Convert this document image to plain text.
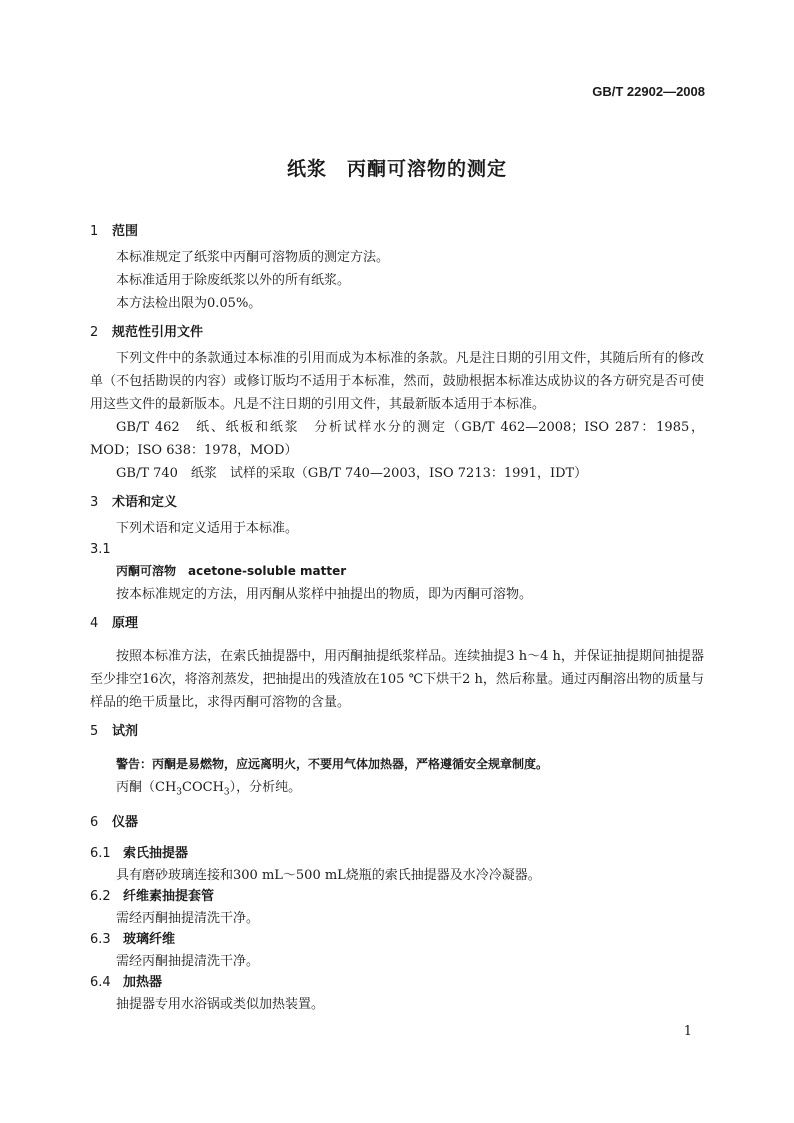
GB/T 22902—2008
纸浆　丙酮可溶物的测定
1 范围

本标准规定了纸浆中丙酮可溶物质的测定方法。

本标准适用于除废纸浆以外的所有纸浆。

本方法检出限为0.05%。

2 规范性引用文件

下列文件中的条款通过本标准的引用而成为本标准的条款。凡是注日期的引用文件，其随后所有的修改单（不包括勘误的内容）或修订版均不适用于本标准，然而，鼓励根据本标准达成协议的各方研究是否可使用这些文件的最新版本。凡是不注日期的引用文件，其最新版本适用于本标准。

GB/T 462　纸、纸板和纸浆　分析试样水分的测定（GB/T 462—2008；ISO 287：1985，MOD；ISO 638：1978，MOD）

GB/T 740　纸浆　试样的采取（GB/T 740—2003，ISO 7213：1991，IDT）

3 术语和定义

下列术语和定义适用于本标准。

3.1

丙酮可溶物　acetone-soluble matter

按本标准规定的方法，用丙酮从浆样中抽提出的物质，即为丙酮可溶物。

4 原理

按照本标准方法，在索氏抽提器中，用丙酮抽提纸浆样品。连续抽提3 h～4 h，并保证抽提期间抽提器至少排空16次，将溶剂蒸发，把抽提出的残渣放在105 ℃下烘干2 h，然后称量。通过丙酮溶出物的质量与样品的绝干质量比，求得丙酮可溶物的含量。

5 试剂

警告：丙酮是易燃物，应远离明火，不要用气体加热器，严格遵循安全规章制度。

丙酮$(CH_3COCH_3)$，分析纯。

6 仪器
6.1 索氏抽提器

具有磨砂玻璃连接和300 mL～500 mL烧瓶的索氏抽提器及水冷冷凝器。

6.2 纤维素抽提套管

需经丙酮抽提清洗干净。

6.3 玻璃纤维

需经丙酮抽提清洗干净。

6.4 加热器

抽提器专用水浴锅或类似加热装置。

1
